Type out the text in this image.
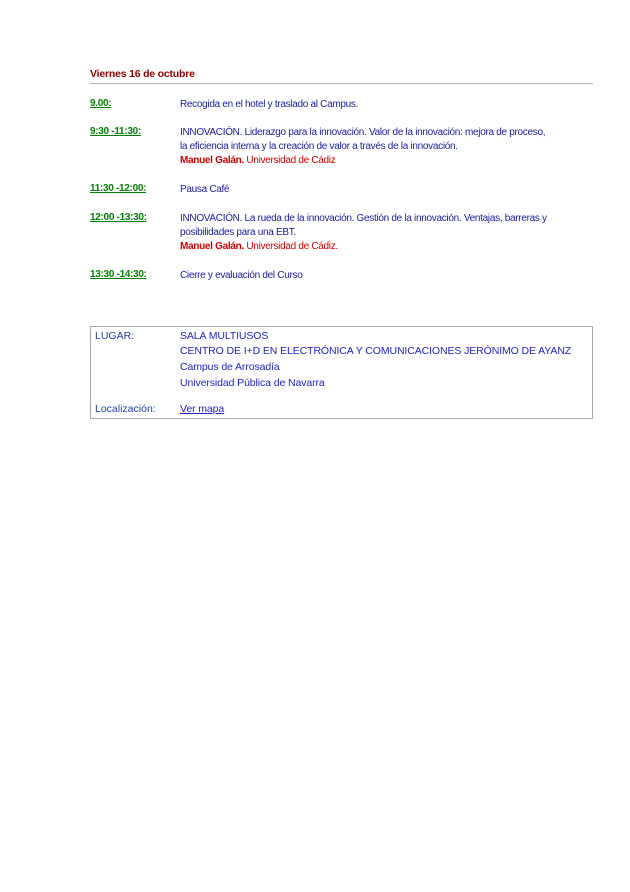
Viernes 16 de octubre
9.00:	Recogida en el hotel y traslado al Campus.
9:30 -11:30:	INNOVACIÓN. Liderazgo para la innovación. Valor de la innovación: mejora de proceso,
la eficiencia interna y la creación de valor a través de la innovación.
Manuel Galán. Universidad de Cádiz
11:30 -12:00:	Pausa Café
12:00 -13:30:	INNOVACIÓN. La rueda de la innovación. Gestión de la innovación. Ventajas, barreras y
posibilidades para una EBT.
Manuel Galán. Universidad de Cádiz.
13:30 -14:30:	Cierre y evaluación del Curso
LUGAR:	SALA MULTIUSOS
CENTRO DE I+D EN ELECTRÓNICA Y COMUNICACIONES JERÓNIMO DE AYANZ
Campus de Arrosadía
Universidad Pública de Navarra
Localización: Ver mapa
